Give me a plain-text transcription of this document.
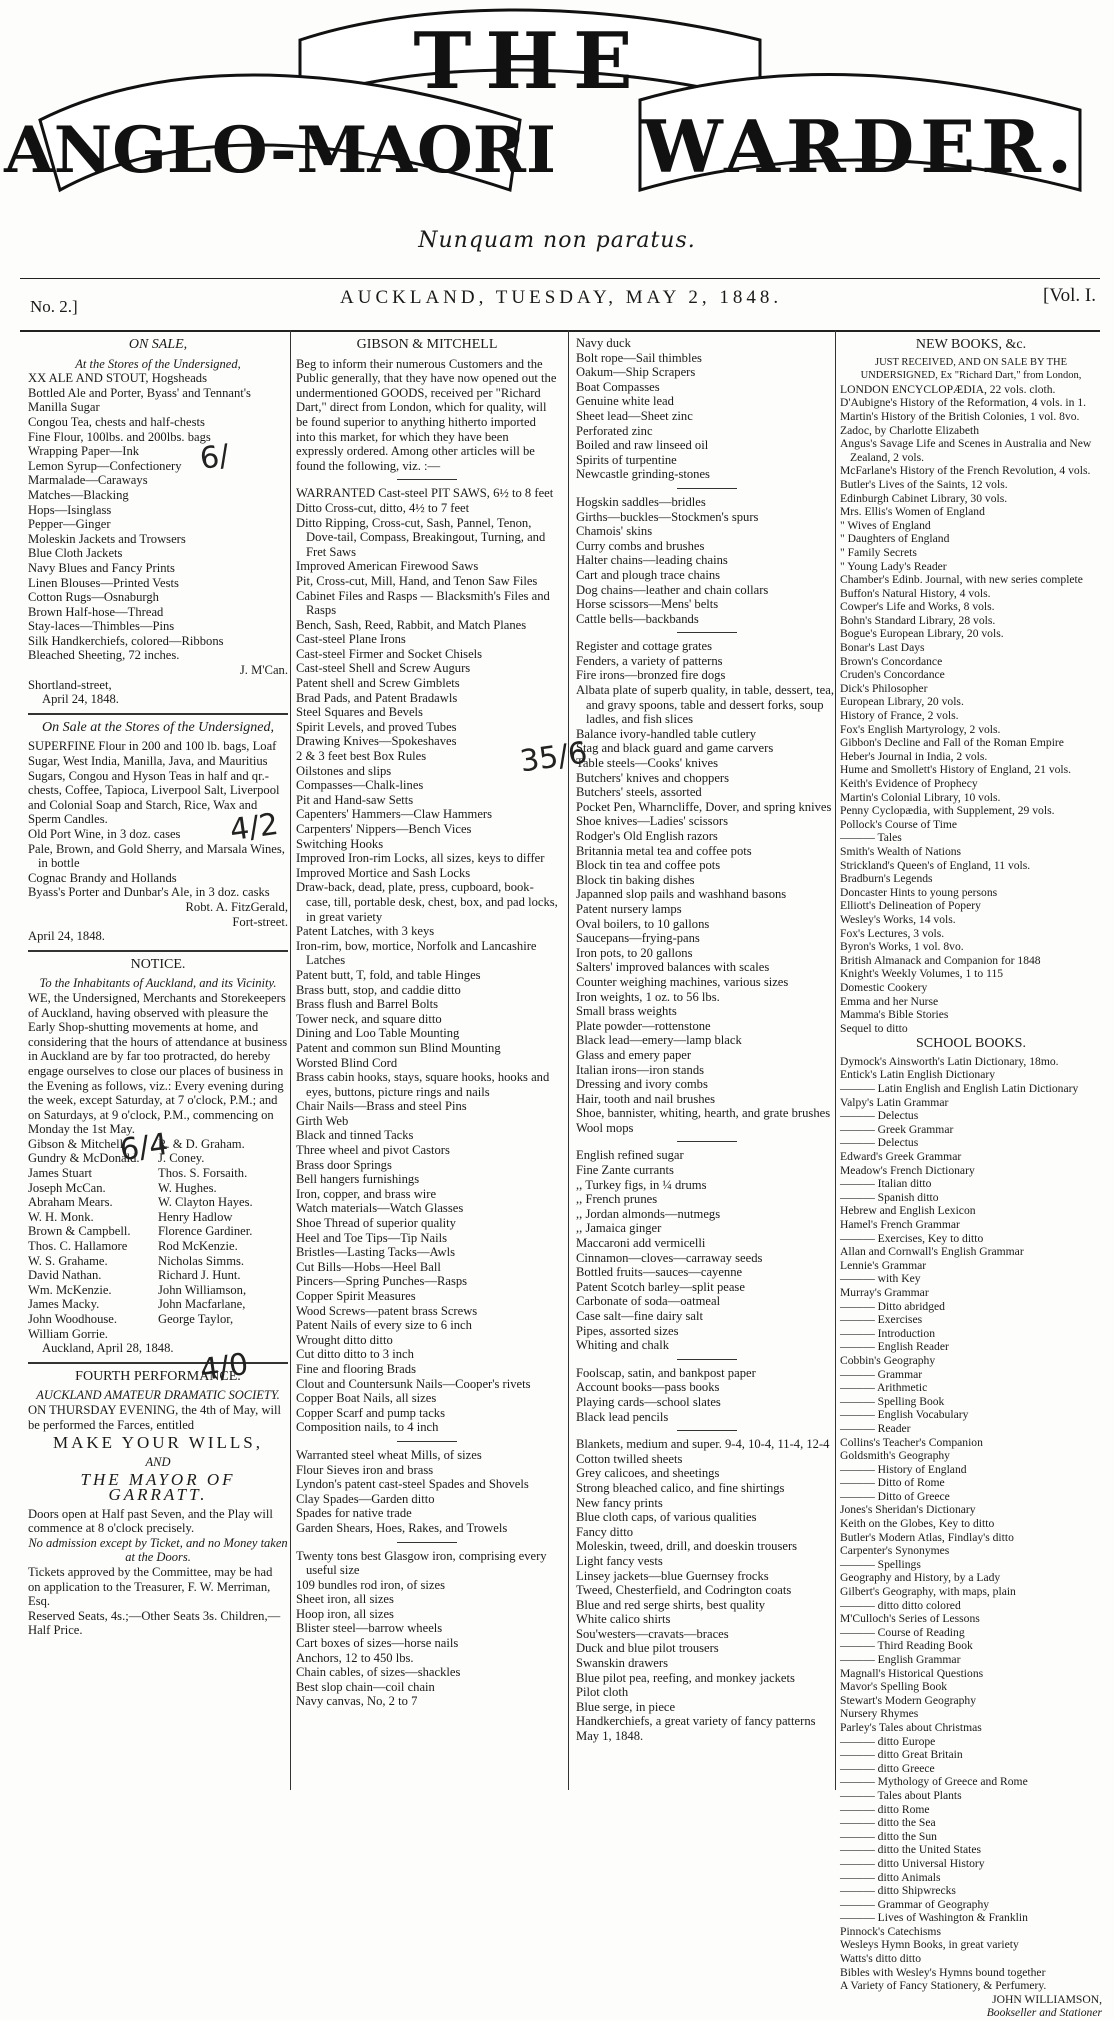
THE
ANGLO-MAORI WARDER.
Nunquam non paratus.
No. 2.]	AUCKLAND, TUESDAY, MAY 2, 1848.	[Vol. I.
ON SALE,
At the Stores of the Undersigned,

XX ALE AND STOUT, Hogsheads

Bottled Ale and Porter, Byass' and Tennant's

Manilla Sugar

Congou Tea, chests and half-chests

Fine Flour, 100lbs. and 200lbs. bags

Wrapping Paper—Ink

Lemon Syrup—Confectionery

Marmalade—Caraways

Matches—Blacking

Hops—Isinglass

Pepper—Ginger

Moleskin Jackets and Trowsers

Blue Cloth Jackets

Navy Blues and Fancy Prints

Linen Blouses—Printed Vests

Cotton Rugs—Osnaburgh

Brown Half-hose—Thread

Stay-laces—Thimbles—Pins

Silk Handkerchiefs, colored—Ribbons

Bleached Sheeting, 72 inches.

J. M'Can.

Shortland-street,

April 24, 1848.

On Sale at the Stores of the Undersigned,

SUPERFINE Flour in 200 and 100 lb. bags, Loaf Sugar, West India, Manilla, Java, and Mauritius Sugars, Congou and Hyson Teas in half and qr.-chests, Coffee, Tapioca, Liverpool Salt, Liverpool and Colonial Soap and Starch, Rice, Wax and Sperm Candles.

Old Port Wine, in 3 doz. cases

Pale, Brown, and Gold Sherry, and Marsala Wines, in bottle

Cognac Brandy and Hollands

Byass's Porter and Dunbar's Ale, in 3 doz. casks

Robt. A. FitzGerald,

Fort-street.

April 24, 1848.

NOTICE.
To the Inhabitants of Auckland, and its Vicinity.

WE, the Undersigned, Merchants and Storekeepers of Auckland, having observed with pleasure the Early Shop-shutting movements at home, and considering that the hours of attendance at business in Auckland are by far too protracted, do hereby engage ourselves to close our places of business in the Evening as follows, viz.: Every evening during the week, except Saturday, at 7 o'clock, P.M.; and on Saturdays, at 9 o'clock, P.M., commencing on Monday the 1st May.

Gibson & Mitchell

Gundry & McDonald.

James Stuart

Joseph McCan.

Abraham Mears.

W. H. Monk.

Brown & Campbell.

Thos. C. Hallamore

W. S. Grahame.

David Nathan.

Wm. McKenzie.

James Macky.

John Woodhouse.

William Gorrie.

R. & D. Graham.

J. Coney.

Thos. S. Forsaith.

W. Hughes.

W. Clayton Hayes.

Henry Hadlow

Florence Gardiner.

Rod McKenzie.

Nicholas Simms.

Richard J. Hunt.

John Williamson,

John Macfarlane,

George Taylor,

Auckland, April 28, 1848.

FOURTH PERFORMANCE.
AUCKLAND AMATEUR DRAMATIC SOCIETY.

ON THURSDAY EVENING, the 4th of May, will be performed the Farces, entitled

MAKE YOUR WILLS,
AND
THE MAYOR OF GARRATT.

Doors open at Half past Seven, and the Play will commence at 8 o'clock precisely.

No admission except by Ticket, and no Money taken at the Doors.

Tickets approved by the Committee, may be had on application to the Treasurer, F. W. Merriman, Esq.

Reserved Seats, 4s.;—Other Seats 3s. Children,—Half Price.

GIBSON & MITCHELL

Beg to inform their numerous Customers and the Public generally, that they have now opened out the undermentioned GOODS, received per "Richard Dart," direct from London, which for quality, will be found superior to anything hitherto imported into this market, for which they have been expressly ordered. Among other articles will be found the following, viz. :—

WARRANTED Cast-steel PIT SAWS, 6½ to 8 feet

Ditto Cross-cut, ditto, 4½ to 7 feet

Ditto Ripping, Cross-cut, Sash, Pannel, Tenon, Dove-tail, Compass, Breakingout, Turning, and Fret Saws

Improved American Firewood Saws

Pit, Cross-cut, Mill, Hand, and Tenon Saw Files

Cabinet Files and Rasps — Blacksmith's Files and Rasps

Bench, Sash, Reed, Rabbit, and Match Planes

Cast-steel Plane Irons

Cast-steel Firmer and Socket Chisels

Cast-steel Shell and Screw Augurs

Patent shell and Screw Gimblets

Brad Pads, and Patent Bradawls

Steel Squares and Bevels

Spirit Levels, and proved Tubes

Drawing Knives—Spokeshaves

2 & 3 feet best Box Rules

Oilstones and slips

Compasses—Chalk-lines

Pit and Hand-saw Setts

Capenters' Hammers—Claw Hammers

Carpenters' Nippers—Bench Vices

Switching Hooks

Improved Iron-rim Locks, all sizes, keys to differ

Improved Mortice and Sash Locks

Draw-back, dead, plate, press, cupboard, book-case, till, portable desk, chest, box, and pad locks, in great variety

Patent Latches, with 3 keys

Iron-rim, bow, mortice, Norfolk and Lancashire Latches

Patent butt, T, fold, and table Hinges

Brass butt, stop, and caddie ditto

Brass flush and Barrel Bolts

Tower neck, and square ditto

Dining and Loo Table Mounting

Patent and common sun Blind Mounting

Worsted Blind Cord

Brass cabin hooks, stays, square hooks, hooks and eyes, buttons, picture rings and nails

Chair Nails—Brass and steel Pins

Girth Web

Black and tinned Tacks

Three wheel and pivot Castors

Brass door Springs

Bell hangers furnishings

Iron, copper, and brass wire

Watch materials—Watch Glasses

Shoe Thread of superior quality

Heel and Toe Tips—Tip Nails

Bristles—Lasting Tacks—Awls

Cut Bills—Hobs—Heel Ball

Pincers—Spring Punches—Rasps

Copper Spirit Measures

Wood Screws—patent brass Screws

Patent Nails of every size to 6 inch

Wrought ditto ditto

Cut ditto ditto to 3 inch

Fine and flooring Brads

Clout and Countersunk Nails—Cooper's rivets

Copper Boat Nails, all sizes

Copper Scarf and pump tacks

Composition nails, to 4 inch

Warranted steel wheat Mills, of sizes

Flour Sieves iron and brass

Lyndon's patent cast-steel Spades and Shovels

Clay Spades—Garden ditto

Spades for native trade

Garden Shears, Hoes, Rakes, and Trowels

Twenty tons best Glasgow iron, comprising every useful size

109 bundles rod iron, of sizes

Sheet iron, all sizes

Hoop iron, all sizes

Blister steel—barrow wheels

Cart boxes of sizes—horse nails

Anchors, 12 to 450 lbs.

Chain cables, of sizes—shackles

Best slop chain—coil chain

Navy canvas, No, 2 to 7

Navy duck

Bolt rope—Sail thimbles

Oakum—Ship Scrapers

Boat Compasses

Genuine white lead

Sheet lead—Sheet zinc

Perforated zinc

Boiled and raw linseed oil

Spirits of turpentine

Newcastle grinding-stones

Hogskin saddles—bridles

Girths—buckles—Stockmen's spurs

Chamois' skins

Curry combs and brushes

Halter chains—leading chains

Cart and plough trace chains

Dog chains—leather and chain collars

Horse scissors—Mens' belts

Cattle bells—backbands

Register and cottage grates

Fenders, a variety of patterns

Fire irons—bronzed fire dogs

Albata plate of superb quality, in table, dessert, tea, and gravy spoons, table and dessert forks, soup ladles, and fish slices

Balance ivory-handled table cutlery

Stag and black guard and game carvers

Table steels—Cooks' knives

Butchers' knives and choppers

Butchers' steels, assorted

Pocket Pen, Wharncliffe, Dover, and spring knives

Shoe knives—Ladies' scissors

Rodger's Old English razors

Britannia metal tea and coffee pots

Block tin tea and coffee pots

Block tin baking dishes

Japanned slop pails and washhand basons

Patent nursery lamps

Oval boilers, to 10 gallons

Saucepans—frying-pans

Iron pots, to 20 gallons

Salters' improved balances with scales

Counter weighing machines, various sizes

Iron weights, 1 oz. to 56 lbs.

Small brass weights

Plate powder—rottenstone

Black lead—emery—lamp black

Glass and emery paper

Italian irons—iron stands

Dressing and ivory combs

Hair, tooth and nail brushes

Shoe, bannister, whiting, hearth, and grate brushes

Wool mops

English refined sugar

Fine Zante currants

,, Turkey figs, in ¼ drums

,, French prunes

,, Jordan almonds—nutmegs

,, Jamaica ginger

Maccaroni add vermicelli

Cinnamon—cloves—carraway seeds

Bottled fruits—sauces—cayenne

Patent Scotch barley—split pease

Carbonate of soda—oatmeal

Case salt—fine dairy salt

Pipes, assorted sizes

Whiting and chalk

Foolscap, satin, and bankpost paper

Account books—pass books

Playing cards—school slates

Black lead pencils

Blankets, medium and super. 9-4, 10-4, 11-4, 12-4

Cotton twilled sheets

Grey calicoes, and sheetings

Strong bleached calico, and fine shirtings

New fancy prints

Blue cloth caps, of various qualities

Fancy ditto

Moleskin, tweed, drill, and doeskin trousers

Light fancy vests

Linsey jackets—blue Guernsey frocks

Tweed, Chesterfield, and Codrington coats

Blue and red serge shirts, best quality

White calico shirts

Sou'westers—cravats—braces

Duck and blue pilot trousers

Swanskin drawers

Blue pilot pea, reefing, and monkey jackets

Pilot cloth

Blue serge, in piece

Handkerchiefs, a great variety of fancy patterns

May 1, 1848.

NEW BOOKS, &c.
JUST RECEIVED, AND ON SALE BY THE UNDERSIGNED, Ex "Richard Dart," from London,

LONDON ENCYCLOPÆDIA, 22 vols. cloth.

D'Aubigne's History of the Reformation, 4 vols. in 1.

Martin's History of the British Colonies, 1 vol. 8vo.

Zadoc, by Charlotte Elizabeth

Angus's Savage Life and Scenes in Australia and New Zealand, 2 vols.

McFarlane's History of the French Revolution, 4 vols.

Butler's Lives of the Saints, 12 vols.

Edinburgh Cabinet Library, 30 vols.

Mrs. Ellis's Women of England

" Wives of England

" Daughters of England

" Family Secrets

" Young Lady's Reader

Chamber's Edinb. Journal, with new series complete

Buffon's Natural History, 4 vols.

Cowper's Life and Works, 8 vols.

Bohn's Standard Library, 28 vols.

Bogue's European Library, 20 vols.

Bonar's Last Days

Brown's Concordance

Cruden's Concordance

Dick's Philosopher

European Library, 20 vols.

History of France, 2 vols.

Fox's English Martyrology, 2 vols.

Gibbon's Decline and Fall of the Roman Empire

Heber's Journal in India, 2 vols.

Hume and Smollett's History of England, 21 vols.

Keith's Evidence of Prophecy

Martin's Colonial Library, 10 vols.

Penny Cyclopædia, with Supplement, 29 vols.

Pollock's Course of Time

——— Tales

Smith's Wealth of Nations

Strickland's Queen's of England, 11 vols.

Bradburn's Legends

Doncaster Hints to young persons

Elliott's Delineation of Popery

Wesley's Works, 14 vols.

Fox's Lectures, 3 vols.

Byron's Works, 1 vol. 8vo.

British Almanack and Companion for 1848

Knight's Weekly Volumes, 1 to 115

Domestic Cookery

Emma and her Nurse

Mamma's Bible Stories

Sequel to ditto

SCHOOL BOOKS.

Dymock's Ainsworth's Latin Dictionary, 18mo.

Entick's Latin English Dictionary

——— Latin English and English Latin Dictionary

Valpy's Latin Grammar

——— Delectus

——— Greek Grammar

——— Delectus

Edward's Greek Grammar

Meadow's French Dictionary

——— Italian ditto

——— Spanish ditto

Hebrew and English Lexicon

Hamel's French Grammar

——— Exercises, Key to ditto

Allan and Cornwall's English Grammar

Lennie's Grammar

——— with Key

Murray's Grammar

——— Ditto abridged

——— Exercises

——— Introduction

——— English Reader

Cobbin's Geography

——— Grammar

——— Arithmetic

——— Spelling Book

——— English Vocabulary

——— Reader

Collins's Teacher's Companion

Goldsmith's Geography

——— History of England

——— Ditto of Rome

——— Ditto of Greece

Jones's Sheridan's Dictionary

Keith on the Globes, Key to ditto

Butler's Modern Atlas, Findlay's ditto

Carpenter's Synonymes

——— Spellings

Geography and History, by a Lady

Gilbert's Geography, with maps, plain

——— ditto ditto colored

M'Culloch's Series of Lessons

——— Course of Reading

——— Third Reading Book

——— English Grammar

Magnall's Historical Questions

Mavor's Spelling Book

Stewart's Modern Geography

Nursery Rhymes

Parley's Tales about Christmas

——— ditto Europe

——— ditto Great Britain

——— ditto Greece

——— Mythology of Greece and Rome

——— Tales about Plants

——— ditto Rome

——— ditto the Sea

——— ditto the Sun

——— ditto the United States

——— ditto Universal History

——— ditto Animals

——— ditto Shipwrecks

——— Grammar of Geography

——— Lives of Washington & Franklin

Pinnock's Catechisms

Wesleys Hymn Books, in great variety

Watts's ditto ditto

Bibles with Wesley's Hymns bound together

A Variety of Fancy Stationery, & Perfumery.

JOHN WILLIAMSON,

Bookseller and Stationer

6/
4/2
6/4
35/6
4/0
